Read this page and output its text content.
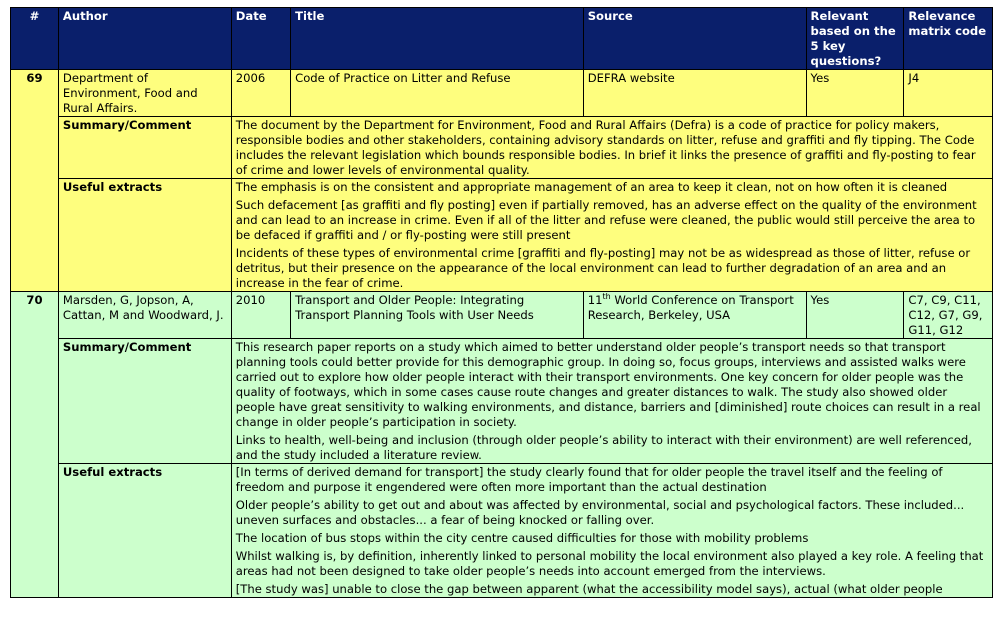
#	Author	Date	Title	Source	Relevant based on the 5 key questions?	Relevance matrix code
69	Department of Environment, Food and Rural Affairs.	2006	Code of Practice on Litter and Refuse	DEFRA website	Yes	J4

	Summary/Comment	The document by the Department for Environment, Food and Rural Affairs (Defra) is a code of practice for policy makers, responsible bodies and other stakeholders, containing advisory standards on litter, refuse and graffiti and fly tipping. The Code includes the relevant legislation which bounds responsible bodies. In brief it links the presence of graffiti and fly-posting to fear of crime and lower levels of environmental quality.				

	Useful extracts	The emphasis is on the consistent and appropriate management of an area to keep it clean, not on how often it is cleaned

Such defacement [as graffiti and fly posting] even if partially removed, has an adverse effect on the quality of the environment and can lead to an increase in crime. Even if all of the litter and refuse were cleaned, the public would still perceive the area to be defaced if graffiti and / or fly-posting were still present

Incidents of these types of environmental crime [graffiti and fly-posting] may not be as widespread as those of litter, refuse or detritus, but their presence on the appearance of the local environment can lead to further degradation of an area and an increase in the fear of crime.				

70	Marsden, G, Jopson, A, Cattan, M and Woodward, J.	2010	Transport and Older People: Integrating Transport Planning Tools with User Needs	11th World Conference on Transport Research, Berkeley, USA	Yes	C7, C9, C11, C12, G7, G9, G11, G12

	Summary/Comment	This research paper reports on a study which aimed to better understand older people’s transport needs so that transport planning tools could better provide for this demographic group. In doing so, focus groups, interviews and assisted walks were carried out to explore how older people interact with their transport environments. One key concern for older people was the quality of footways, which in some cases cause route changes and greater distances to walk. The study also showed older people have great sensitivity to walking environments, and distance, barriers and [diminished] route choices can result in a real change in older people’s participation in society.

Links to health, well-being and inclusion (through older people’s ability to interact with their environment) are well referenced, and the study included a literature review.				

	Useful extracts	[In terms of derived demand for transport] the study clearly found that for older people the travel itself and the feeling of freedom and purpose it engendered were often more important than the actual destination

Older people’s ability to get out and about was affected by environmental, social and psychological factors. These included... uneven surfaces and obstacles... a fear of being knocked or falling over.

The location of bus stops within the city centre caused difficulties for those with mobility problems

Whilst walking is, by definition, inherently linked to personal mobility the local environment also played a key role. A feeling that areas had not been designed to take older people’s needs into account emerged from the interviews.

[The study was] unable to close the gap between apparent (what the accessibility model says), actual (what older people				
